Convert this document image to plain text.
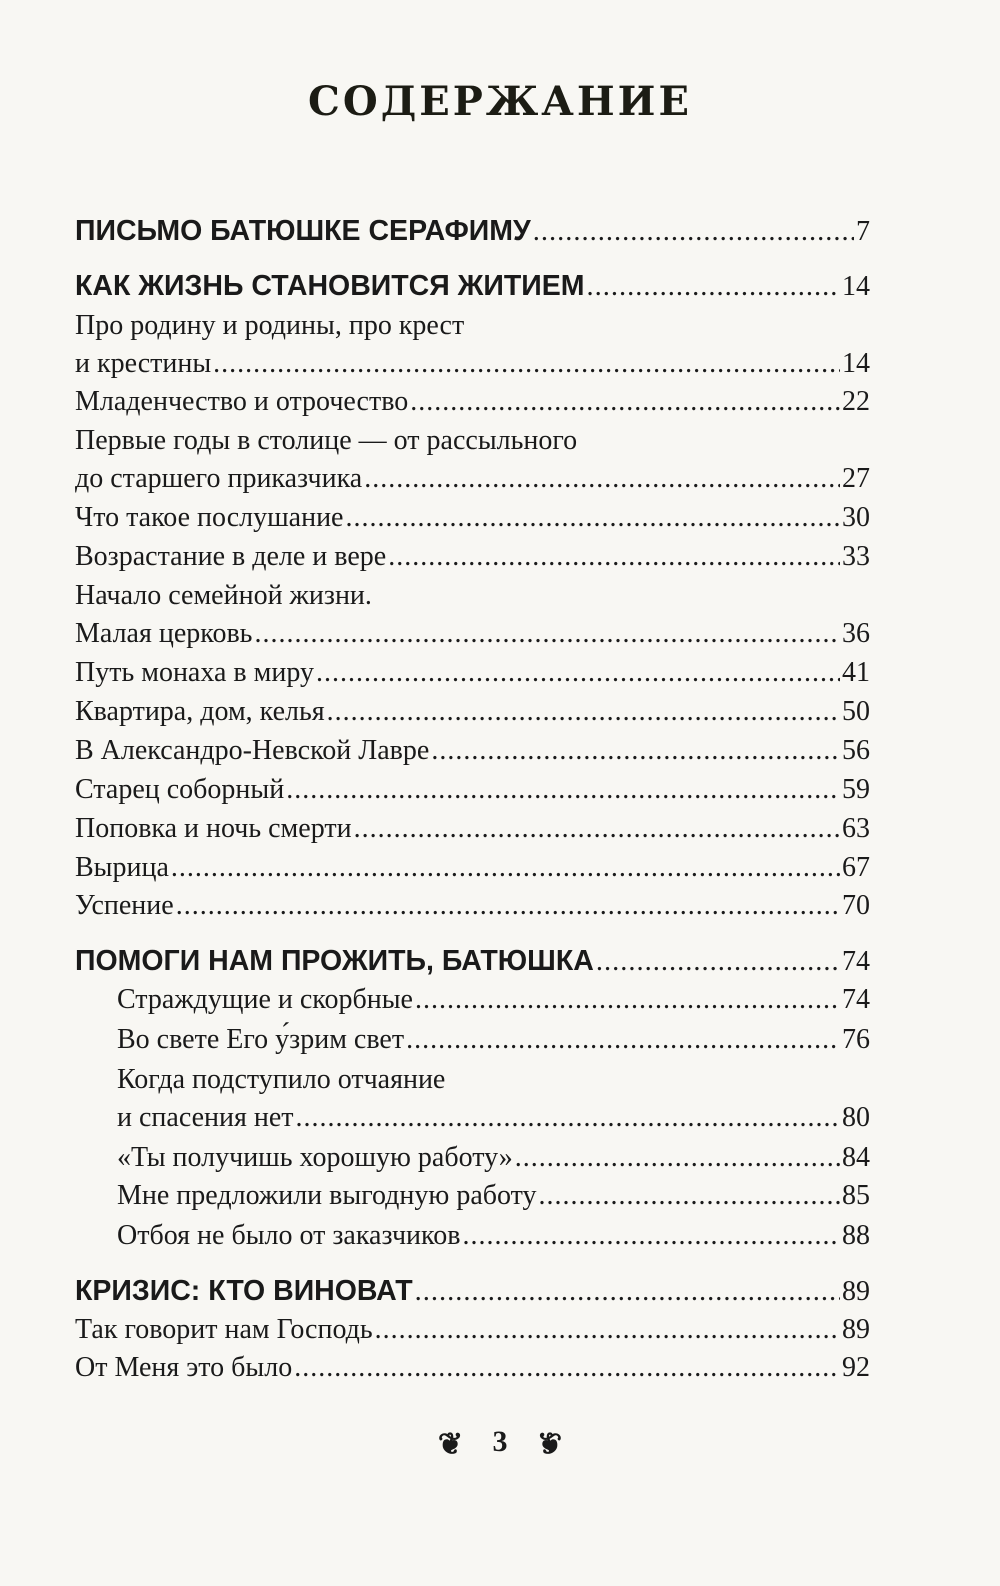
СОДЕРЖАНИЕ
ПИСЬМО БАТЮШКЕ СЕРАФИМУ .....	7
КАК ЖИЗНЬ СТАНОВИТСЯ ЖИТИЕМ .....	14
Про родину и родины, про крест
и крестины .....	14
Младенчество и отрочество .....	22
Первые годы в столице — от рассыльного
до старшего приказчика .....	27
Что такое послушание .....	30
Возрастание в деле и вере .....	33
Начало семейной жизни.
Малая церковь .....	36
Путь монаха в миру .....	41
Квартира, дом, келья .....	50
В Александро-Невской Лавре .....	56
Старец соборный .....	59
Поповка и ночь смерти .....	63
Вырица .....	67
Успение .....	70
ПОМОГИ НАМ ПРОЖИТЬ, БАТЮШКА .....	74
Страждущие и скорбные .....	74
Во свете Его у́зрим свет .....	76
Когда подступило отчаяние
и спасения нет .....	80
«Ты получишь хорошую работу» .....	84
Мне предложили выгодную работу .....	85
Отбоя не было от заказчиков .....	88
КРИЗИС: КТО ВИНОВАТ .....	89
Так говорит нам Господь .....	89
От Меня это было .....	92
❦ 3 ❦
